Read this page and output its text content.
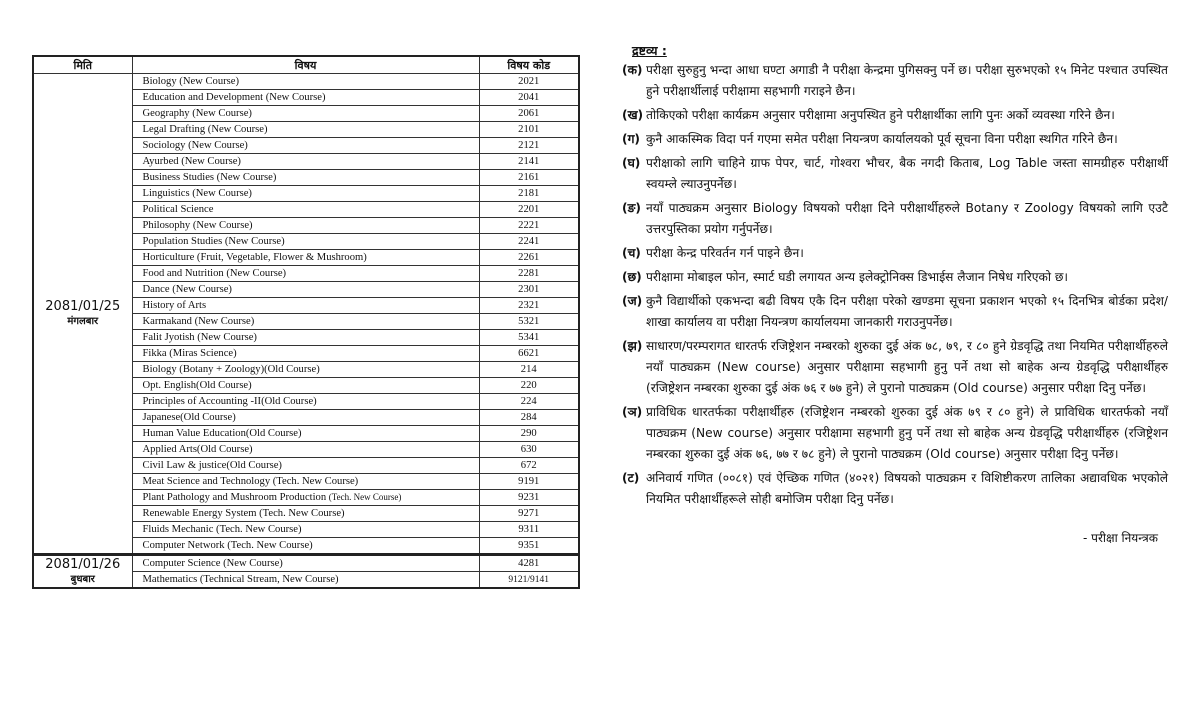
मिति	विषय	विषय कोड

2081/01/25
मंगलबार	Biology (New Course)	2021
	Education and Development (New Course)	2041
	Geography (New Course)	2061
	Legal Drafting (New Course)	2101
	Sociology (New Course)	2121
	Ayurbed (New Course)	2141
	Business Studies (New Course)	2161
	Linguistics (New Course)	2181
	Political Science	2201
	Philosophy (New Course)	2221
	Population Studies (New Course)	2241
	Horticulture (Fruit, Vegetable, Flower & Mushroom)	2261
	Food and Nutrition (New Course)	2281
	Dance (New Course)	2301
	History of Arts	2321
	Karmakand (New Course)	5321
	Falit Jyotish (New Course)	5341
	Fikka (Miras Science)	6621
	Biology (Botany + Zoology)(Old Course)	214
	Opt. English(Old Course)	220
	Principles of Accounting -II(Old Course)	224
	Japanese(Old Course)	284
	Human Value Education(Old Course)	290
	Applied Arts(Old Course)	630
	Civil Law & justice(Old Course)	672
	Meat Science and Technology (Tech. New Course)	9191
	Plant Pathology and Mushroom Production (Tech. New Course)	9231
	Renewable Energy System (Tech. New Course)	9271
	Fluids Mechanic (Tech. New Course)	9311
	Computer Network (Tech. New Course)	9351

2081/01/26
बुधबार	Computer Science (New Course)	4281
	Mathematics (Technical Stream, New Course)	9121/9141
द्रष्टव्य :
(क) परीक्षा सुरुहुनु भन्दा आधा घण्टा अगाडी नै परीक्षा केन्द्रमा पुगिसक्नु पर्ने छ। परीक्षा सुरुभएको १५ मिनेट पश्चात उपस्थित हुने परीक्षार्थीलाई परीक्षामा सहभागी गराइने छैन।
(ख) तोकिएको परीक्षा कार्यक्रम अनुसार परीक्षामा अनुपस्थित हुने परीक्षार्थीका लागि पुनः अर्को व्यवस्था गरिने छैन।
(ग) कुनै आकस्मिक विदा पर्न गएमा समेत परीक्षा नियन्त्रण कार्यालयको पूर्व सूचना विना परीक्षा स्थगित गरिने छैन।
(घ) परीक्षाको लागि चाहिने ग्राफ पेपर, चार्ट, गोश्वरा भौचर, बैक नगदी किताब, Log Table जस्ता सामग्रीहरु परीक्षार्थी स्वयम्ले ल्याउनुपर्नेछ।
(ङ) नयाँ पाठ्यक्रम अनुसार Biology विषयको परीक्षा दिने परीक्षार्थीहरुले Botany र Zoology विषयको लागि एउटै उत्तरपुस्तिका प्रयोग गर्नुपर्नेछ।
(च) परीक्षा केन्द्र परिवर्तन गर्न पाइने छैन।
(छ) परीक्षामा मोबाइल फोन, स्मार्ट घडी लगायत अन्य इलेक्ट्रोनिक्स डिभाईस लैजान निषेध गरिएको छ।
(ज) कुनै विद्यार्थीको एकभन्दा बढी विषय एकै दिन परीक्षा परेको खण्डमा सूचना प्रकाशन भएको १५ दिनभित्र बोर्डका प्रदेश/शाखा कार्यालय वा परीक्षा नियन्त्रण कार्यालयमा जानकारी गराउनुपर्नेछ।
(झ) साधारण/परम्परागत धारतर्फ रजिष्ट्रेशन नम्बरको शुरुका दुई अंक ७८, ७९, र ८० हुने ग्रेडवृद्धि तथा नियमित परीक्षार्थीहरुले नयाँ पाठ्यक्रम (New course) अनुसार परीक्षामा सहभागी हुनु पर्ने तथा सो बाहेक अन्य ग्रेडवृद्धि परीक्षार्थीहरु (रजिष्ट्रेशन नम्बरका शुरुका दुई अंक ७६ र ७७ हुने) ले पुरानो पाठ्यक्रम (Old course) अनुसार परीक्षा दिनु पर्नेछ।
(ञ) प्राविधिक धारतर्फका परीक्षार्थीहरु (रजिष्ट्रेशन नम्बरको शुरुका दुई अंक ७९ र ८० हुने) ले प्राविधिक धारतर्फको नयाँ पाठ्यक्रम (New course) अनुसार परीक्षामा सहभागी हुनु पर्ने तथा सो बाहेक अन्य ग्रेडवृद्धि परीक्षार्थीहरु (रजिष्ट्रेशन नम्बरका शुरुका दुई अंक ७६, ७७ र ७८ हुने) ले पुरानो पाठ्यक्रम (Old course) अनुसार परीक्षा दिनु पर्नेछ।
(ट) अनिवार्य गणित (००८१) एवं ऐच्छिक गणित (४०२१) विषयको पाठ्यक्रम र विशिष्टीकरण तालिका अद्यावधिक भएकोले नियमित परीक्षार्थीहरूले सोही बमोजिम परीक्षा दिनु पर्नेछ।
- परीक्षा नियन्त्रक
